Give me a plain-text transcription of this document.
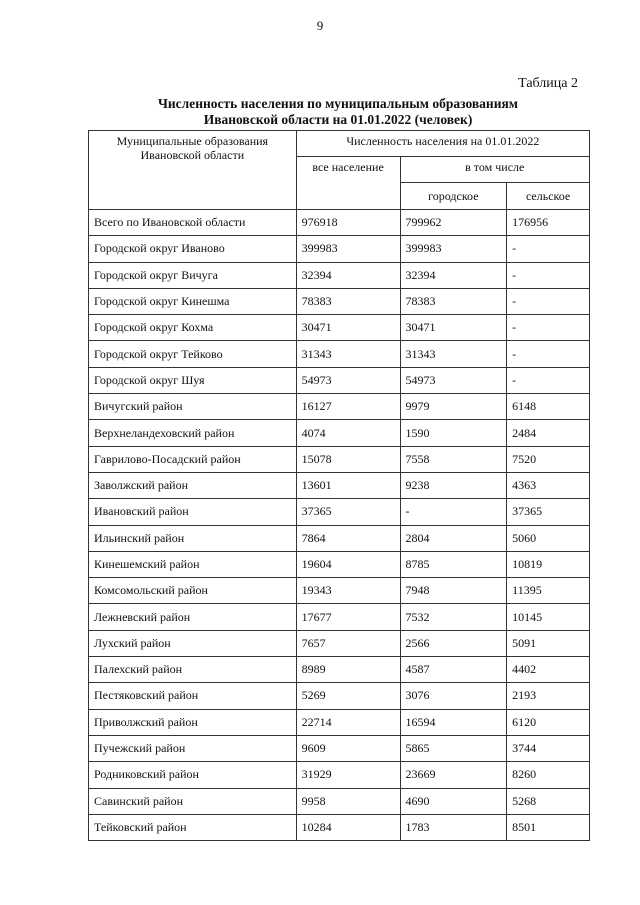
9
Таблица 2
Численность населения по муниципальным образованиям
Ивановской области на 01.01.2022 (человек)
Муниципальные образования
Ивановской области	Численность населения на 01.01.2022		
	все население	в том числе	
		городское	сельское
Всего по Ивановской области	976918	799962	176956
Городской округ Иваново	399983	399983	-
Городской округ Вичуга	32394	32394	-
Городской округ Кинешма	78383	78383	-
Городской округ Кохма	30471	30471	-
Городской округ Тейково	31343	31343	-
Городской округ Шуя	54973	54973	-
Вичугский район	16127	9979	6148
Верхнеландеховский район	4074	1590	2484
Гаврилово-Посадский район	15078	7558	7520
Заволжский район	13601	9238	4363
Ивановский район	37365	-	37365
Ильинский район	7864	2804	5060
Кинешемский район	19604	8785	10819
Комсомольский район	19343	7948	11395
Лежневский район	17677	7532	10145
Лухский район	7657	2566	5091
Палехский район	8989	4587	4402
Пестяковский район	5269	3076	2193
Приволжский район	22714	16594	6120
Пучежский район	9609	5865	3744
Родниковский район	31929	23669	8260
Савинский район	9958	4690	5268
Тейковский район	10284	1783	8501
